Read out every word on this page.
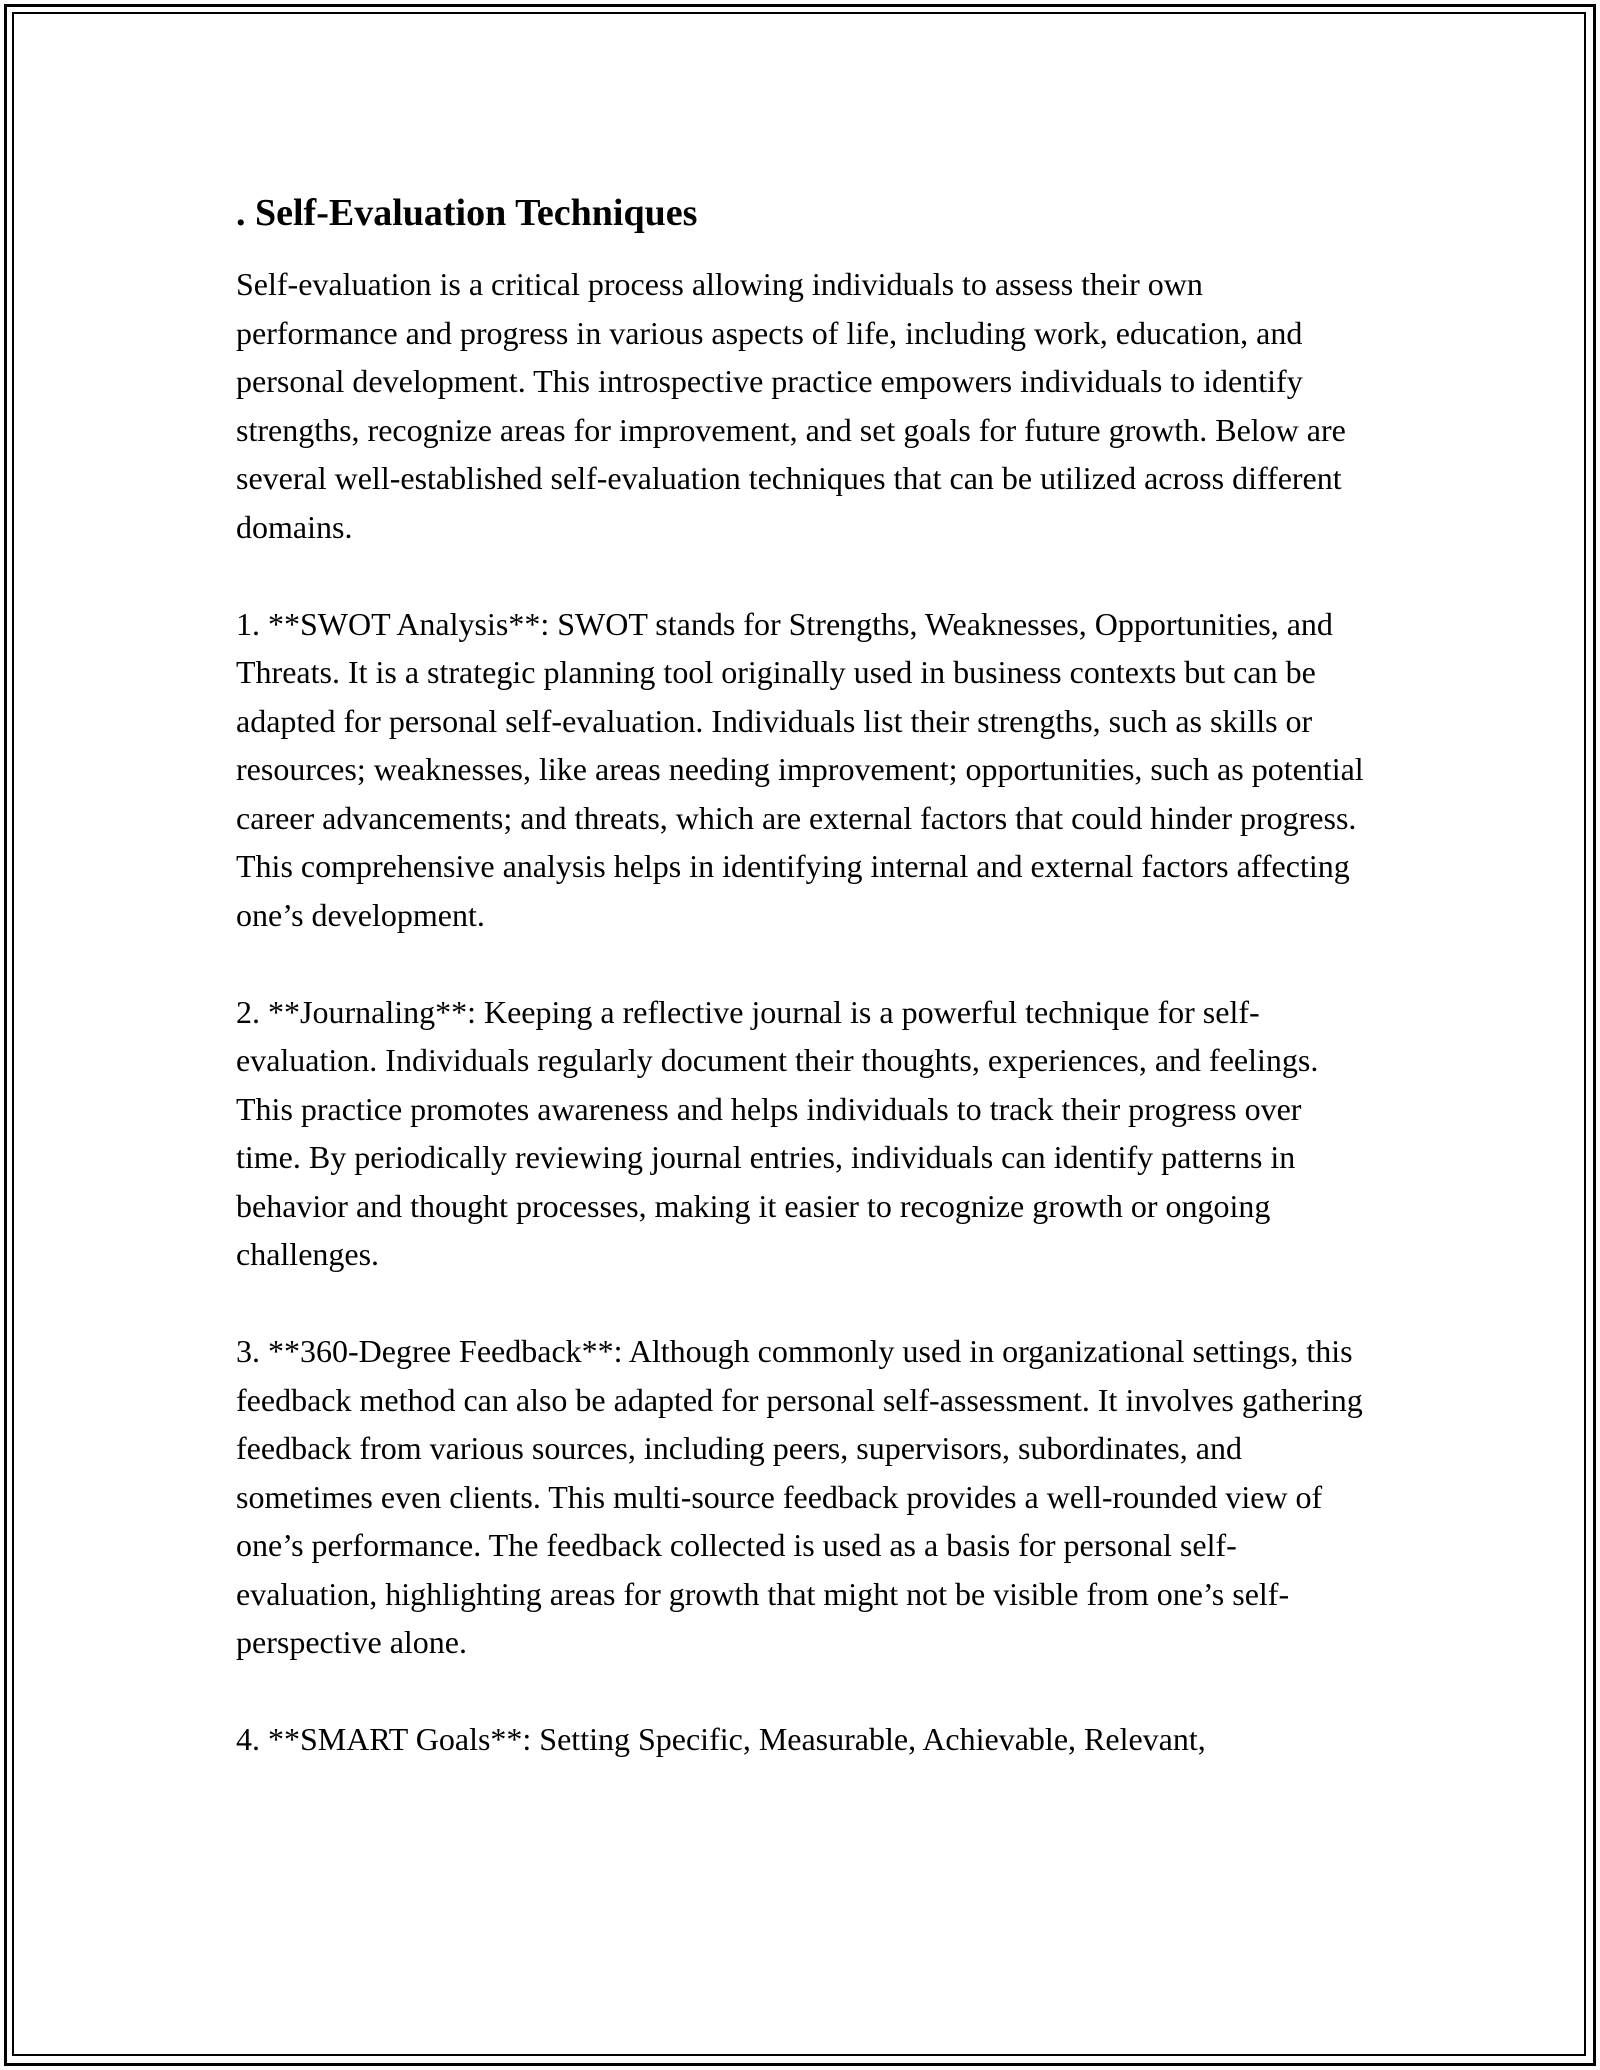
. Self-Evaluation Techniques

Self-evaluation is a critical process allowing individuals to assess their own performance and progress in various aspects of life, including work, education, and personal development. This introspective practice empowers individuals to identify strengths, recognize areas for improvement, and set goals for future growth. Below are several well-established self-evaluation techniques that can be utilized across different domains.

1. **SWOT Analysis**: SWOT stands for Strengths, Weaknesses, Opportunities, and Threats. It is a strategic planning tool originally used in business contexts but can be adapted for personal self-evaluation. Individuals list their strengths, such as skills or resources; weaknesses, like areas needing improvement; opportunities, such as potential career advancements; and threats, which are external factors that could hinder progress. This comprehensive analysis helps in identifying internal and external factors affecting one’s development.

2. **Journaling**: Keeping a reflective journal is a powerful technique for self-evaluation. Individuals regularly document their thoughts, experiences, and feelings. This practice promotes awareness and helps individuals to track their progress over time. By periodically reviewing journal entries, individuals can identify patterns in behavior and thought processes, making it easier to recognize growth or ongoing challenges.

3. **360-Degree Feedback**: Although commonly used in organizational settings, this feedback method can also be adapted for personal self-assessment. It involves gathering feedback from various sources, including peers, supervisors, subordinates, and sometimes even clients. This multi-source feedback provides a well-rounded view of one’s performance. The feedback collected is used as a basis for personal self-evaluation, highlighting areas for growth that might not be visible from one’s self-perspective alone.

4. **SMART Goals**: Setting Specific, Measurable, Achievable, Relevant,
